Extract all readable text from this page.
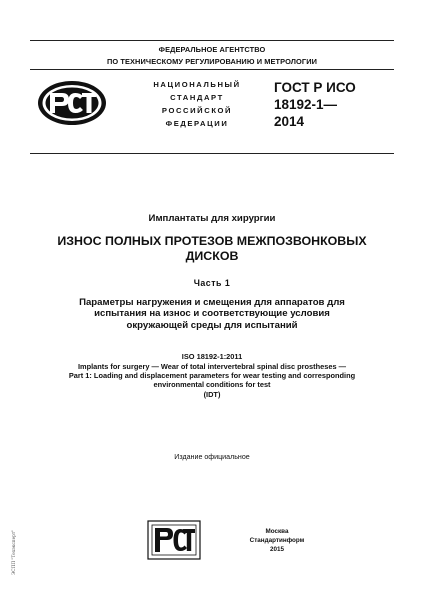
ФЕДЕРАЛЬНОЕ АГЕНТСТВО
ПО ТЕХНИЧЕСКОМУ РЕГУЛИРОВАНИЮ И МЕТРОЛОГИИ
НАЦИОНАЛЬНЫЙ
СТАНДАРТ
РОССИЙСКОЙ
ФЕДЕРАЦИИ
ГОСТ Р ИСО
18192-1—
2014
Имплантаты для хирургии
ИЗНОС ПОЛНЫХ ПРОТЕЗОВ МЕЖПОЗВОНКОВЫХ
ДИСКОВ
Часть 1
Параметры нагружения и смещения для аппаратов для
испытания на износ и соответствующие условия
окружающей среды для испытаний
ISO 18192-1:2011
Implants for surgery — Wear of total intervertebral spinal disc prostheses —
Part 1: Loading and displacement parameters for wear testing and corresponding
environmental conditions for test
(IDT)
Издание официальное
Москва
Стандартинформ
2015
ЭСПП "Техэксперт"
